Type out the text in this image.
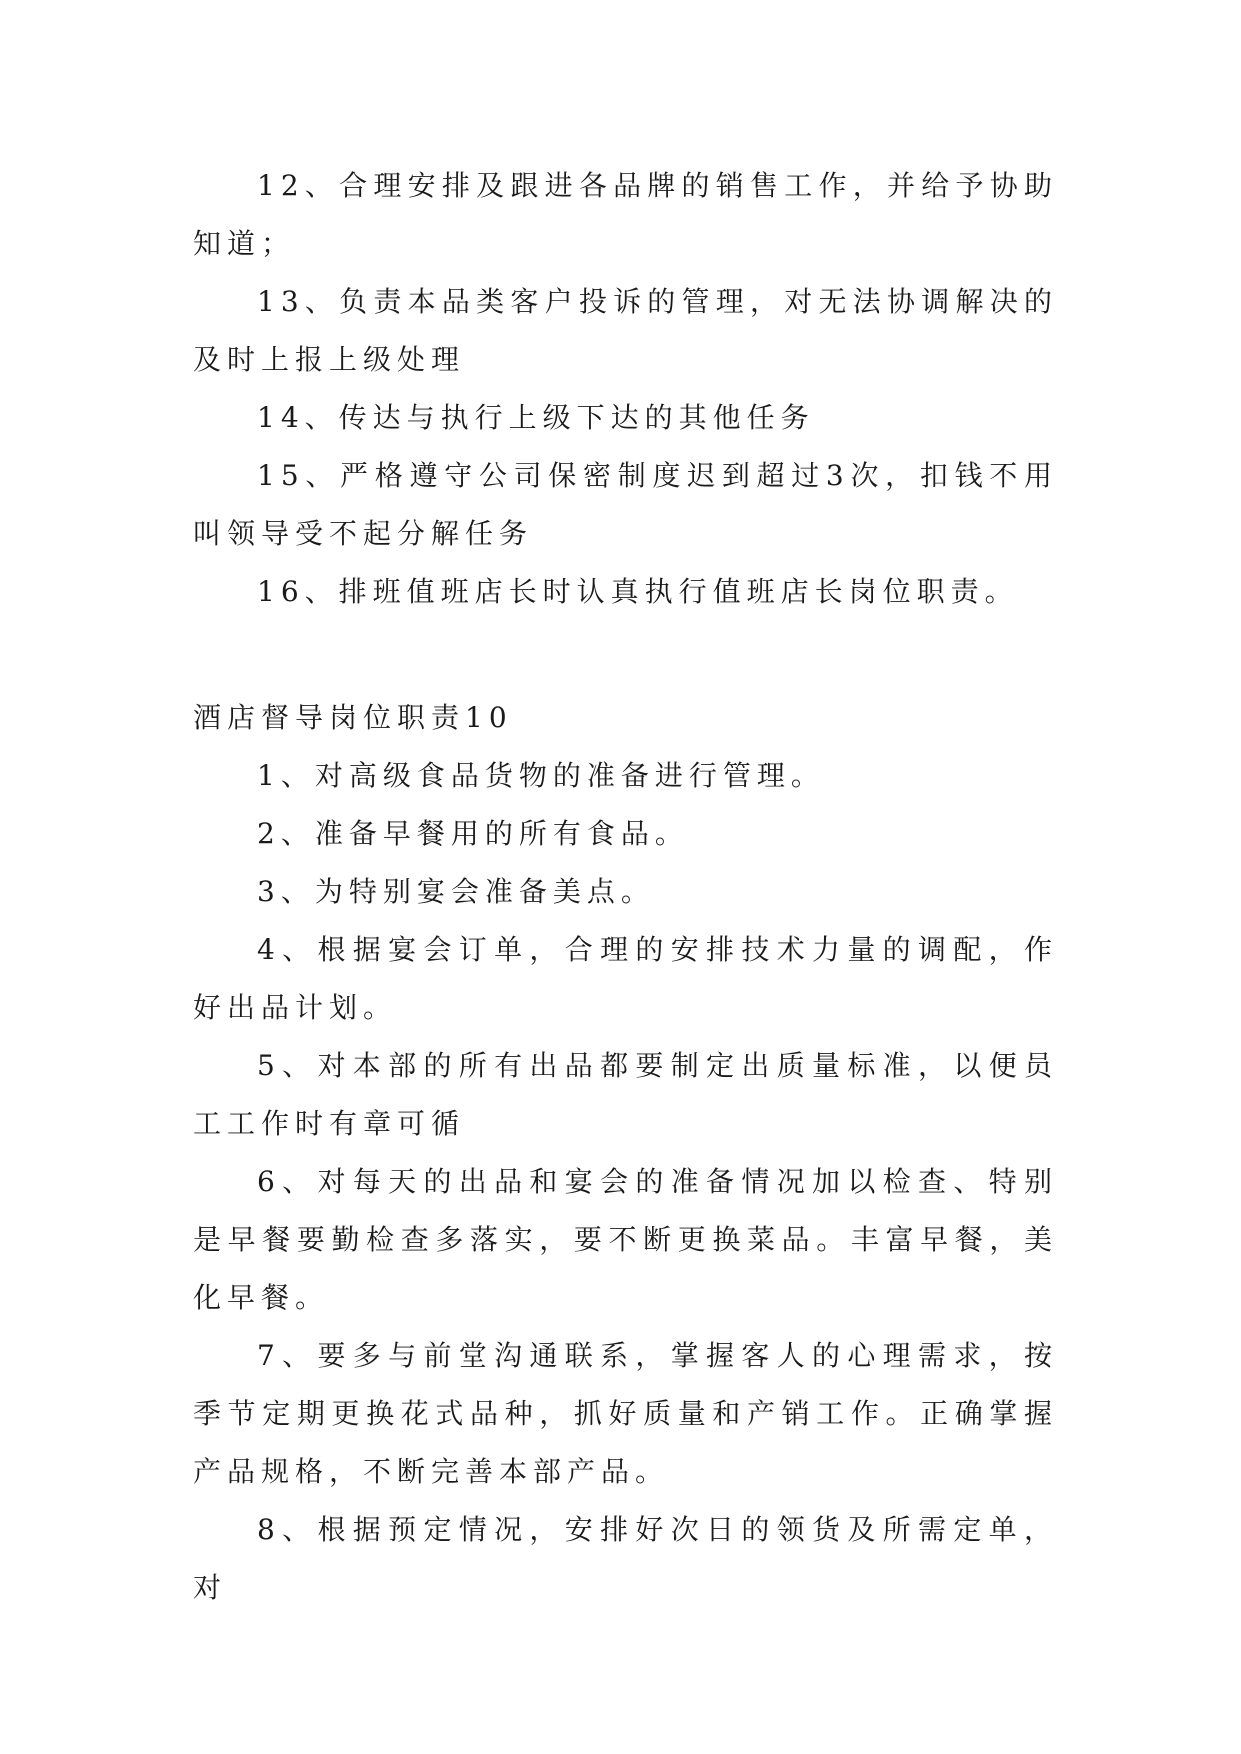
12、合理安排及跟进各品牌的销售工作，并给予协助知道；

13、负责本品类客户投诉的管理，对无法协调解决的及时上报上级处理

14、传达与执行上级下达的其他任务

15、严格遵守公司保密制度迟到超过3次，扣钱不用叫领导受不起分解任务

16、排班值班店长时认真执行值班店长岗位职责。

酒店督导岗位职责10

1、对高级食品货物的准备进行管理。

2、准备早餐用的所有食品。

3、为特别宴会准备美点。

4、根据宴会订单，合理的安排技术力量的调配，作好出品计划。

5、对本部的所有出品都要制定出质量标准，以便员工工作时有章可循

6、对每天的出品和宴会的准备情况加以检查、特别是早餐要勤检查多落实，要不断更换菜品。丰富早餐，美化早餐。

7、要多与前堂沟通联系，掌握客人的心理需求，按季节定期更换花式品种，抓好质量和产销工作。正确掌握产品规格，不断完善本部产品。

8、根据预定情况，安排好次日的领货及所需定单，对
